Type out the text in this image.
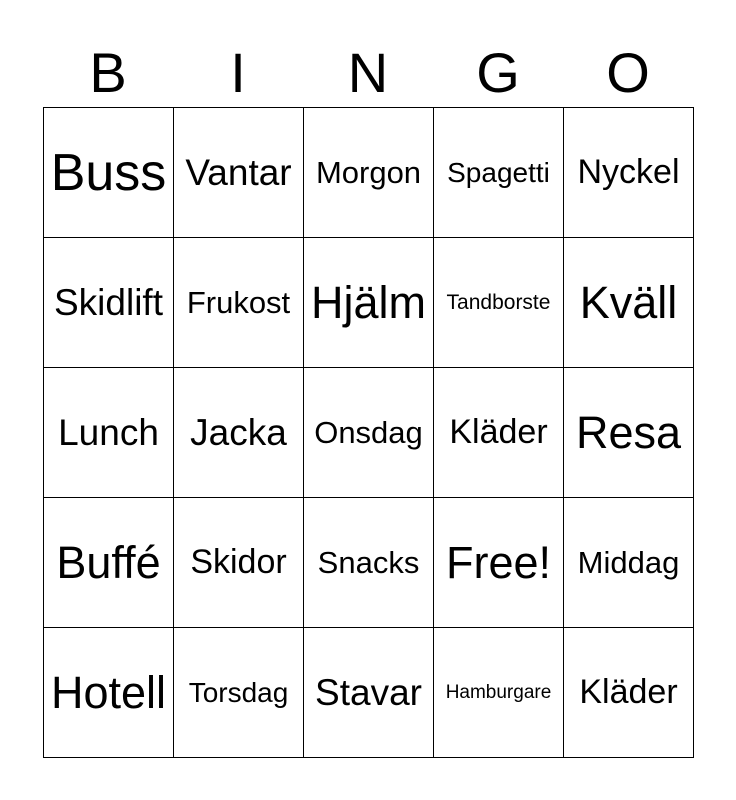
B	I	N	G	O
Buss Vantar Morgon Spagetti Nyckel
Skidlift Frukost Hjälm Tandborste Kväll
Lunch Jacka Onsdag Kläder Resa
Buffé Skidor Snacks Free! Middag
Hotell Torsdag Stavar Hamburgare Kläder
